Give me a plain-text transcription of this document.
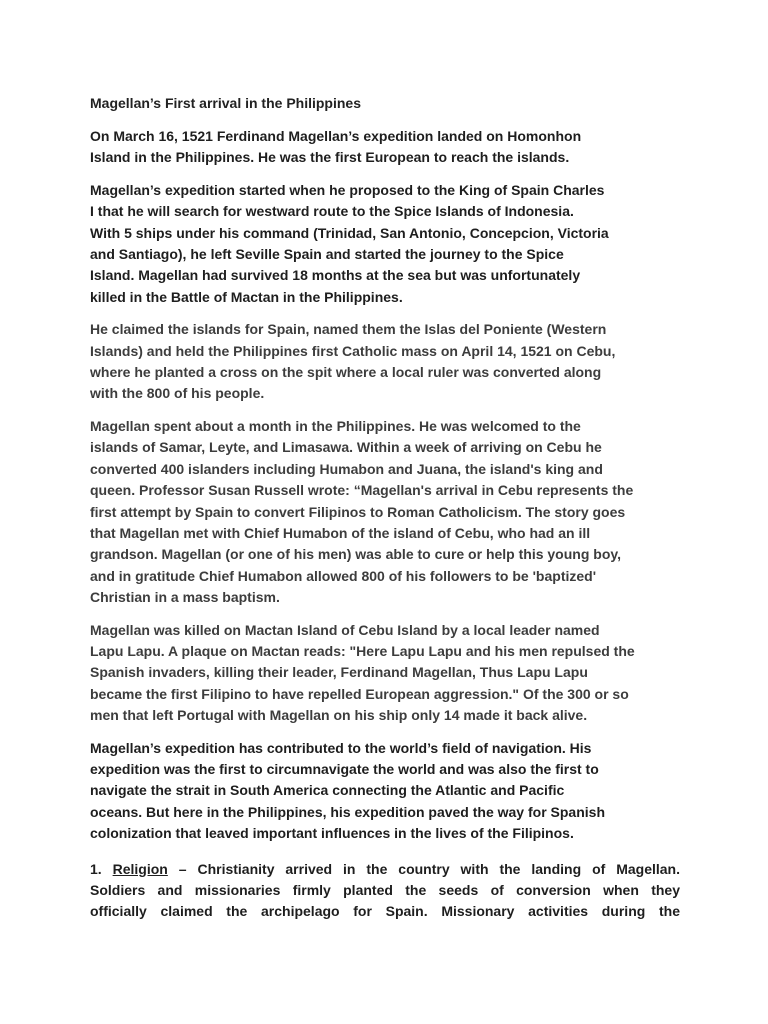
Magellan’s First arrival in the Philippines
On March 16, 1521 Ferdinand Magellan’s expedition landed on Homonhon
Island in the Philippines. He was the first European to reach the islands.
Magellan’s expedition started when he proposed to the King of Spain Charles
I that he will search for westward route to the Spice Islands of Indonesia.
With 5 ships under his command (Trinidad, San Antonio, Concepcion, Victoria
and Santiago), he left Seville Spain and started the journey to the Spice
Island. Magellan had survived 18 months at the sea but was unfortunately
killed in the Battle of Mactan in the Philippines.
He claimed the islands for Spain, named them the Islas del Poniente (Western
Islands) and held the Philippines first Catholic mass on April 14, 1521 on Cebu,
where he planted a cross on the spit where a local ruler was converted along
with the 800 of his people.
Magellan spent about a month in the Philippines. He was welcomed to the
islands of Samar, Leyte, and Limasawa. Within a week of arriving on Cebu he
converted 400 islanders including Humabon and Juana, the island's king and
queen. Professor Susan Russell wrote: “Magellan's arrival in Cebu represents the
first attempt by Spain to convert Filipinos to Roman Catholicism. The story goes
that Magellan met with Chief Humabon of the island of Cebu, who had an ill
grandson. Magellan (or one of his men) was able to cure or help this young boy,
and in gratitude Chief Humabon allowed 800 of his followers to be 'baptized'
Christian in a mass baptism.
Magellan was killed on Mactan Island of Cebu Island by a local leader named
Lapu Lapu. A plaque on Mactan reads: "Here Lapu Lapu and his men repulsed the
Spanish invaders, killing their leader, Ferdinand Magellan, Thus Lapu Lapu
became the first Filipino to have repelled European aggression." Of the 300 or so
men that left Portugal with Magellan on his ship only 14 made it back alive.
Magellan’s expedition has contributed to the world’s field of navigation. His
expedition was the first to circumnavigate the world and was also the first to
navigate the strait in South America connecting the Atlantic and Pacific
oceans. But here in the Philippines, his expedition paved the way for Spanish
colonization that leaved important influences in the lives of the Filipinos.
1. Religion – Christianity arrived in the country with the landing of Magellan.
Soldiers and missionaries firmly planted the seeds of conversion when they
officially claimed the archipelago for Spain. Missionary activities during the
